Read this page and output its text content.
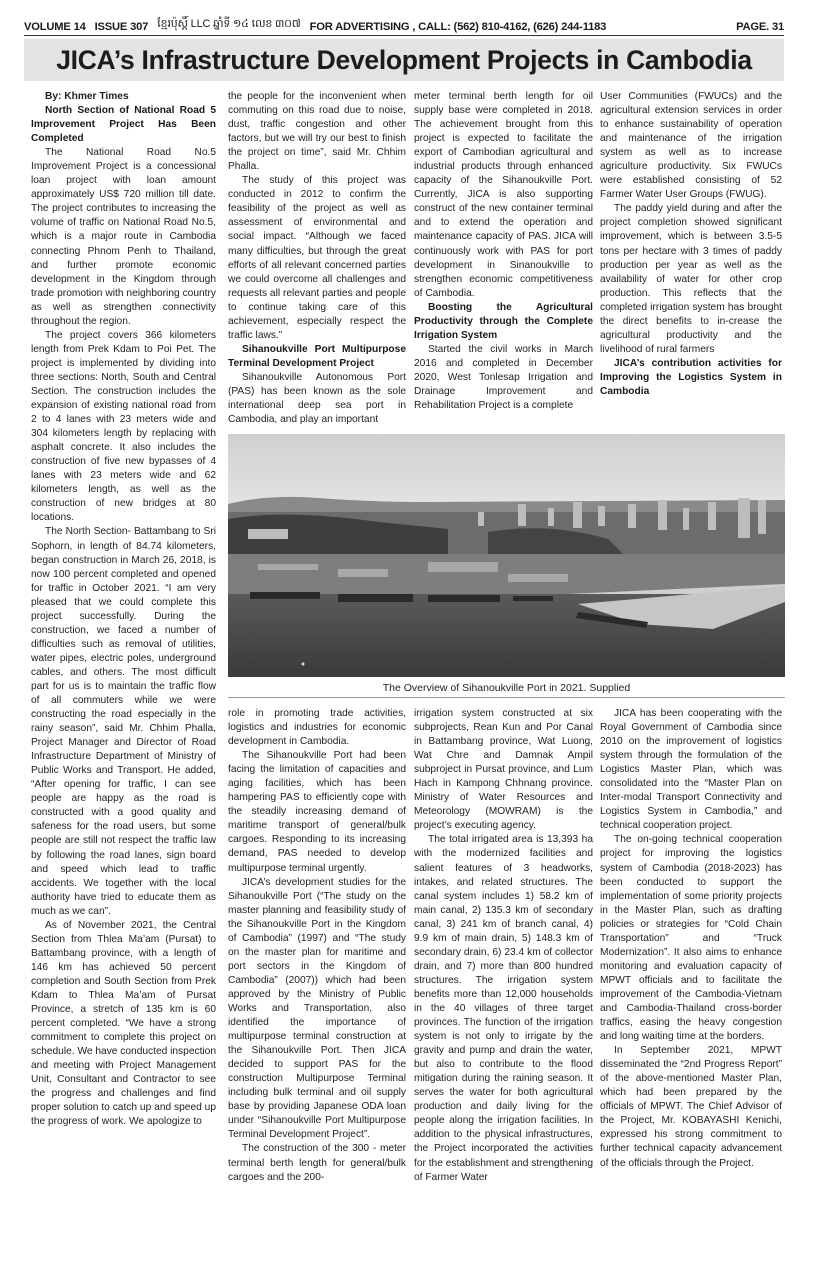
VOLUME 14 ISSUE 307 ខ្មែរប៉ុស្ដិ៍ LLC ឆ្នាំទី ១៤ លេខ ៣០៧ FOR ADVERTISING , CALL: (562) 810-4162, (626) 244-1183	PAGE. 31
JICA’s Infrastructure Development Projects in Cambodia

By: Khmer Times

North Section of National Road 5 Improvement Project Has Been Completed

The National Road No.5 Improvement Project is a concessional loan project with loan amount approximately US$ 720 million till date. The project contributes to increasing the volume of traffic on National Road No.5, which is a major route in Cambodia connecting Phnom Penh to Thailand, and further promote economic development in the Kingdom through trade promotion with neighboring country as well as strengthen connectivity throughout the region.

The project covers 366 kilometers length from Prek Kdam to Poi Pet. The project is implemented by dividing into three sections: North, South and Central Section. The construction includes the expansion of existing national road from 2 to 4 lanes with 23 meters wide and 304 kilometers length by replacing with asphalt concrete. It also includes the construction of five new bypasses of 4 lanes with 23 meters wide and 62 kilometers length, as well as the construction of new bridges at 80 locations.

The North Section- Battambang to Sri Sophorn, in length of 84.74 kilometers, began construction in March 26, 2018, is now 100 percent completed and opened for traffic in October 2021. “I am very pleased that we could complete this project successfully. During the construction, we faced a number of difficulties such as removal of utilities, water pipes, electric poles, underground cables, and others. The most difficult part for us is to maintain the traffic flow of all commuters while we were constructing the road especially in the rainy season”, said Mr. Chhim Phalla, Project Manager and Director of Road Infrastructure Department of Ministry of Public Works and Transport. He added, “After opening for traffic, I can see people are happy as the road is constructed with a good quality and safeness for the road users, but some people are still not respect the traffic law by following the road lanes, sign board and speed which lead to traffic accidents. We together with the local authority have tried to educate them as much as we can”.

As of November 2021, the Central Section from Thlea Ma’am (Pursat) to Battambang province, with a length of 146 km has achieved 50 percent completion and South Section from Prek Kdam to Thlea Ma’am of Pursat Province, a stretch of 135 km is 60 percent completed. “We have a strong commitment to complete this project on schedule. We have conducted inspection and meeting with Project Management Unit, Consultant and Contractor to see the progress and challenges and find proper solution to catch up and speed up the progress of work. We apologize to

the people for the inconvenient when commuting on this road due to noise, dust, traffic congestion and other factors, but we will try our best to finish the project on time”, said Mr. Chhim Phalla.

The study of this project was conducted in 2012 to confirm the feasibility of the project as well as assessment of environmental and social impact. “Although we faced many difficulties, but through the great efforts of all relevant concerned parties we could overcome all challenges and requests all relevant parties and people to continue taking care of this achievement, especially respect the traffic laws.”

Sihanoukville Port Multipurpose Terminal Development Project

Sihanoukville Autonomous Port (PAS) has been known as the sole international deep sea port in Cambodia, and play an important

meter terminal berth length for oil supply base were completed in 2018. The achievement brought from this project is expected to facilitate the export of Cambodian agricultural and industrial products through enhanced capacity of the Sihanoukville Port. Currently, JICA is also supporting construct of the new container terminal and to extend the operation and maintenance capacity of PAS. JICA will continuously work with PAS for port development in Sinanoukville to strengthen economic competitiveness of Cambodia.

Boosting the Agricultural Productivity through the Complete Irrigation System

Started the civil works in March 2016 and completed in December 2020, West Tonlesap Irrigation and Drainage Improvement and Rehabilitation Project is a complete

User Communities (FWUCs) and the agricultural extension services in order to enhance sustainability of operation and maintenance of the irrigation system as well as to increase agriculture productivity. Six FWUCs were established consisting of 52 Farmer Water User Groups (FWUG).

The paddy yield during and after the project completion showed significant improvement, which is between 3.5-5 tons per hectare with 3 times of paddy production per year as well as the availability of water for other crop production. This reflects that the completed irrigation system has brought the direct benefits to in-crease the agricultural productivity and the livelihood of rural farmers

JICA’s contribution activities for Improving the Logistics System in Cambodia
The Overview of Sihanoukville Port in 2021. Supplied

role in promoting trade activities, logistics and industries for economic development in Cambodia.

The Sihanoukville Port had been facing the limitation of capacities and aging facilities, which has been hampering PAS to efficiently cope with the steadily increasing demand of maritime transport of general/bulk cargoes. Responding to its increasing demand, PAS needed to develop multipurpose terminal urgently.

JICA’s development studies for the Sihanoukville Port (“The study on the master planning and feasibility study of the Sihanoukville Port in the Kingdom of Cambodia” (1997) and “The study on the master plan for maritime and port sectors in the Kingdom of Cambodia” (2007)) which had been approved by the Ministry of Public Works and Transportation, also identified the importance of multipurpose terminal construction at the Sihanoukville Port. Then JICA decided to support PAS for the construction Multipurpose Terminal including bulk terminal and oil supply base by providing Japanese ODA loan under “Sihanoukville Port Multipurpose Terminal Development Project”.

The construction of the 300 - meter terminal berth length for general/bulk cargoes and the 200-

irrigation system constructed at six subprojects, Rean Kun and Por Canal in Battambang province, Wat Luong, Wat Chre and Damnak Ampil subproject in Pursat province, and Lum Hach in Kampong Chhnang province. Ministry of Water Resources and Meteorology (MOWRAM) is the project’s executing agency.

The total irrigated area is 13,393 ha with the modernized facilities and salient features of 3 headworks, intakes, and related structures. The canal system includes 1) 58.2 km of main canal, 2) 135.3 km of secondary canal, 3) 241 km of branch canal, 4) 9.9 km of main drain, 5) 148.3 km of secondary drain, 6) 23.4 km of collector drain, and 7) more than 800 hundred structures. The irrigation system benefits more than 12,000 households in the 40 villages of three target provinces. The function of the irrigation system is not only to irrigate by the gravity and pump and drain the water, but also to contribute to the flood mitigation during the raining season. It serves the water for both agricultural production and daily living for the people along the irrigation facilities. In addition to the physical infrastructures, the Project incorporated the activities for the establishment and strengthening of Farmer Water

JICA has been cooperating with the Royal Government of Cambodia since 2010 on the improvement of logistics system through the formulation of the Logistics Master Plan, which was consolidated into the “Master Plan on Inter-modal Transport Connectivity and Logistics System in Cambodia,” and technical cooperation project.

The on-going technical cooperation project for improving the logistics system of Cambodia (2018-2023) has been conducted to support the implementation of some priority projects in the Master Plan, such as drafting policies or strategies for “Cold Chain Transportation” and “Truck Modernization”. It also aims to enhance monitoring and evaluation capacity of MPWT officials and to facilitate the improvement of the Cambodia-Vietnam and Cambodia-Thailand cross-border traffics, easing the heavy congestion and long waiting time at the borders.

In September 2021, MPWT disseminated the “2nd Progress Report” of the above-mentioned Master Plan, which had been prepared by the officials of MPWT. The Chief Advisor of the Project, Mr. KOBAYASHI Kenichi, expressed his strong commitment to further technical capacity advancement of the officials through the Project.
